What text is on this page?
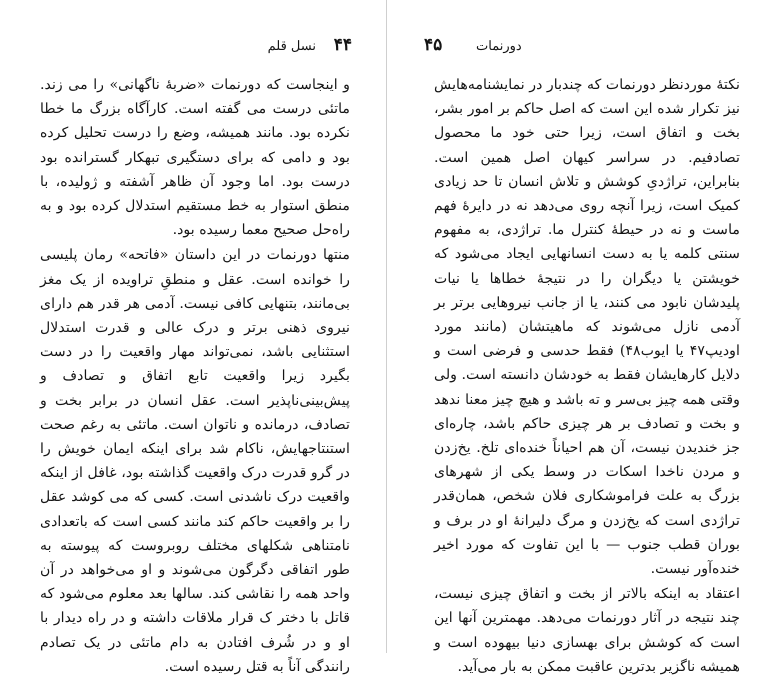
۴۴
نسل قلم

و اینجاست که دورنمات «ضربهٔ ناگهانی» را می زند. ماتئی درست می گفته است. کارآگاه بزرگ ما خطا نکرده بود. مانند همیشه، وضع را درست تحلیل کرده بود و دامی که برای دستگیری تبهکار گسترانده بود درست بود. اما وجود آن ظاهر آشفته و ژولیده، با منطق استوار به خط مستقیم استدلال کرده بود و به راه‌حل صحیح معما رسیده بود.

منتها دورنمات در این داستان «فاتحه» رمان پلیسی را خوانده است. عقل و منطقِ تراویده از یک مغز بی‌مانند، بتنهایی کافی نیست. آدمی هر قدر هم دارای نیروی ذهنی برتر و درک عالی و قدرت استدلال استثنایی باشد، نمی‌تواند مهار واقعیت را در دست بگیرد زیرا واقعیت تابع اتفاق و تصادف و پیش‌بینی‌ناپذیر است. عقل انسان در برابر بخت و تصادف، درمانده و ناتوان است. ماتئی به رغم صحت استنتاجهایش، ناکام شد برای اینکه ایمان خویش را در گرو قدرت درک واقعیت گذاشته بود، غافل از اینکه واقعیت درک ناشدنی است. کسی که می کوشد عقل را بر واقعیت حاکم کند مانند کسی است که باتعدادی نامتناهی شکلهای مختلف روبروست که پیوسته به طور اتفاقی دگرگون می‌شوند و او می‌خواهد در آن واحد همه را نقاشی کند. سالها بعد معلوم می‌شود که قاتل با دختر ک قرار ملاقات داشته و در راه دیدار با او و در شُرف افتادن به دام ماتئی در یک تصادم رانندگی آناً به قتل رسیده است.

۴۵	دورنمات

نکتهٔ موردنظر دورنمات که چندبار در نمایشنامه‌هایش نیز تکرار شده این است که اصل حاکم بر امور بشر، بخت و اتفاق است، زیرا حتی خود ما محصول تصادفیم. در سراسر کیهان اصل همین است. بنابراین، تراژدیِ کوشش و تلاش انسان تا حد زیادی کمیک است، زیرا آنچه روی می‌دهد نه در دایرهٔ فهم ماست و نه در حیطهٔ کنترل ما. تراژدی، به مفهوم سنتی کلمه یا به دست انسانهایی ایجاد می‌شود که خویشتن یا دیگران را در نتیجهٔ خطاها یا نیات پلیدشان نابود می کنند، یا از جانب نیروهایی برتر بر آدمی نازل می‌شوند که ماهیتشان (مانند مورد اودیپ۴۷ یا ایوب۴۸) فقط حدسی و فرضی است و دلایل کارهایشان فقط به خودشان دانسته است. ولی وقتی همه چیز بی‌سر و ته باشد و هیچ چیز معنا ندهد و بخت و تصادف بر هر چیزی حاکم باشد، چاره‌ای جز خندیدن نیست، آن هم احیاناً خنده‌ای تلخ. یخ‌زدن و مردن ناخدا اسکات در وسط یکی از شهرهای بزرگ به علت فراموشکاری فلان شخص، همان‌قدر تراژدی است که یخ‌زدن و مرگ دلیرانهٔ او در برف و بوران قطب جنوب — با این تفاوت که مورد اخیر خنده‌آور نیست.

اعتقاد به اینکه بالاتر از بخت و اتفاق چیزی نیست، چند نتیجه در آثار دورنمات می‌دهد. مهمترین آنها این است که کوشش برای بهسازی دنیا بیهوده است و همیشه ناگزیر بدترین عاقبت ممکن به بار می‌آید.
